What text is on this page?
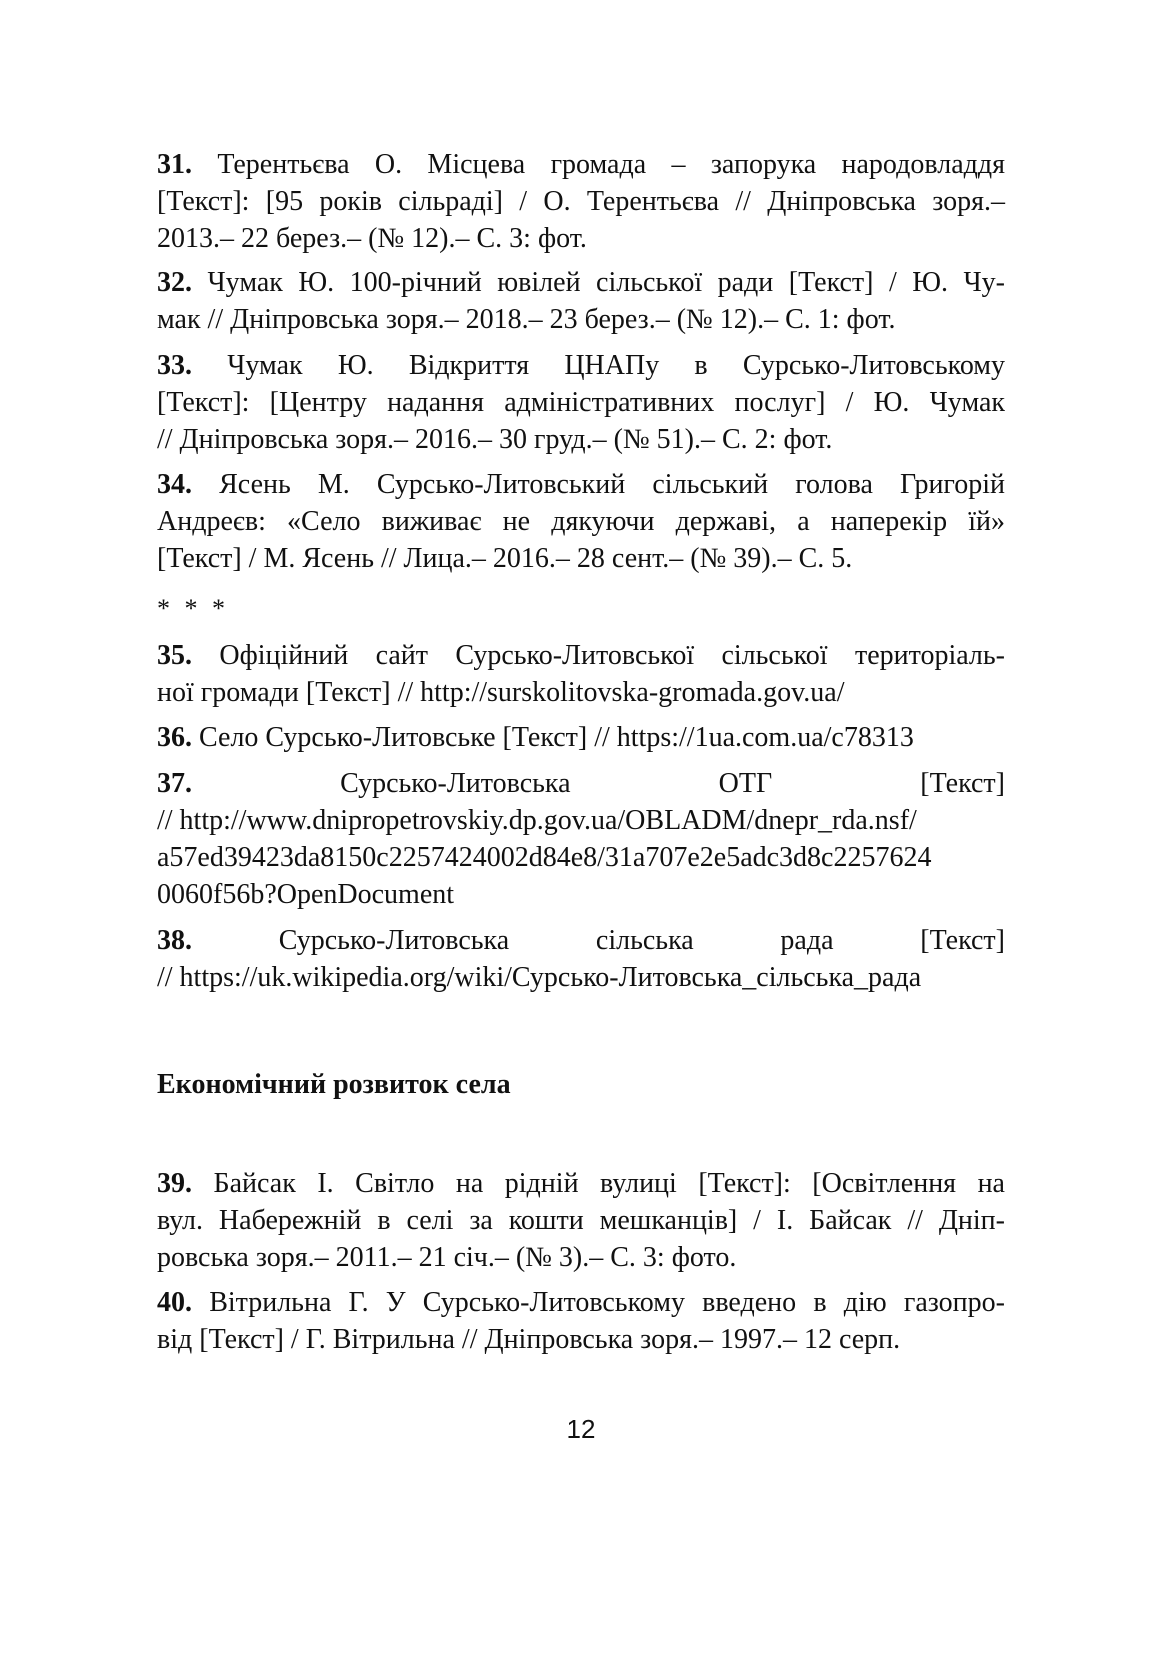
31. Терентьєва О. Місцева громада – запорука народовладдя
[Текст]: [95 років сільраді] / О. Терентьєва // Дніпровська зоря.–
2013.– 22 берез.– (№ 12).– С. 3: фот.

32. Чумак Ю. 100-річний ювілей сільської ради [Текст] / Ю. Чу-
мак // Дніпровська зоря.– 2018.– 23 берез.– (№ 12).– С. 1: фот.

33. Чумак Ю. Відкриття ЦНАПу в Сурсько-Литовському
[Текст]: [Центру надання адміністративних послуг] / Ю. Чумак
// Дніпровська зоря.– 2016.– 30 груд.– (№ 51).– С. 2: фот.

34. Ясень М. Сурсько-Литовський сільський голова Григорій
Андреєв: «Село виживає не дякуючи державі, а наперекір їй»
[Текст] / М. Ясень // Лица.– 2016.– 28 сент.– (№ 39).– С. 5.

* * *

35. Офіційний сайт Сурсько-Литовської сільської територіаль-
ної громади [Текст] // http://surskolitovska-gromada.gov.ua/

36. Село Сурсько-Литовське [Текст] // https://1ua.com.ua/c78313

37. Сурсько-Литовська ОТГ [Текст]
// http://www.dnipropetrovskiy.dp.gov.ua/OBLADM/dnepr_rda.nsf/
a57ed39423da8150c2257424002d84e8/31a707e2e5adc3d8c2257624
0060f56b?OpenDocument

38. Сурсько-Литовська сільська рада [Текст]
// https://uk.wikipedia.org/wiki/Сурсько-Литовська_сільська_рада

Економічний розвиток села

39. Байсак І. Світло на рідній вулиці [Текст]: [Освітлення на
вул. Набережній в селі за кошти мешканців] / І. Байсак // Дніп-
ровська зоря.– 2011.– 21 січ.– (№ 3).– С. 3: фото.

40. Вітрильна Г. У Сурсько-Литовському введено в дію газопро-
від [Текст] / Г. Вітрильна // Дніпровська зоря.– 1997.– 12 серп.

12
